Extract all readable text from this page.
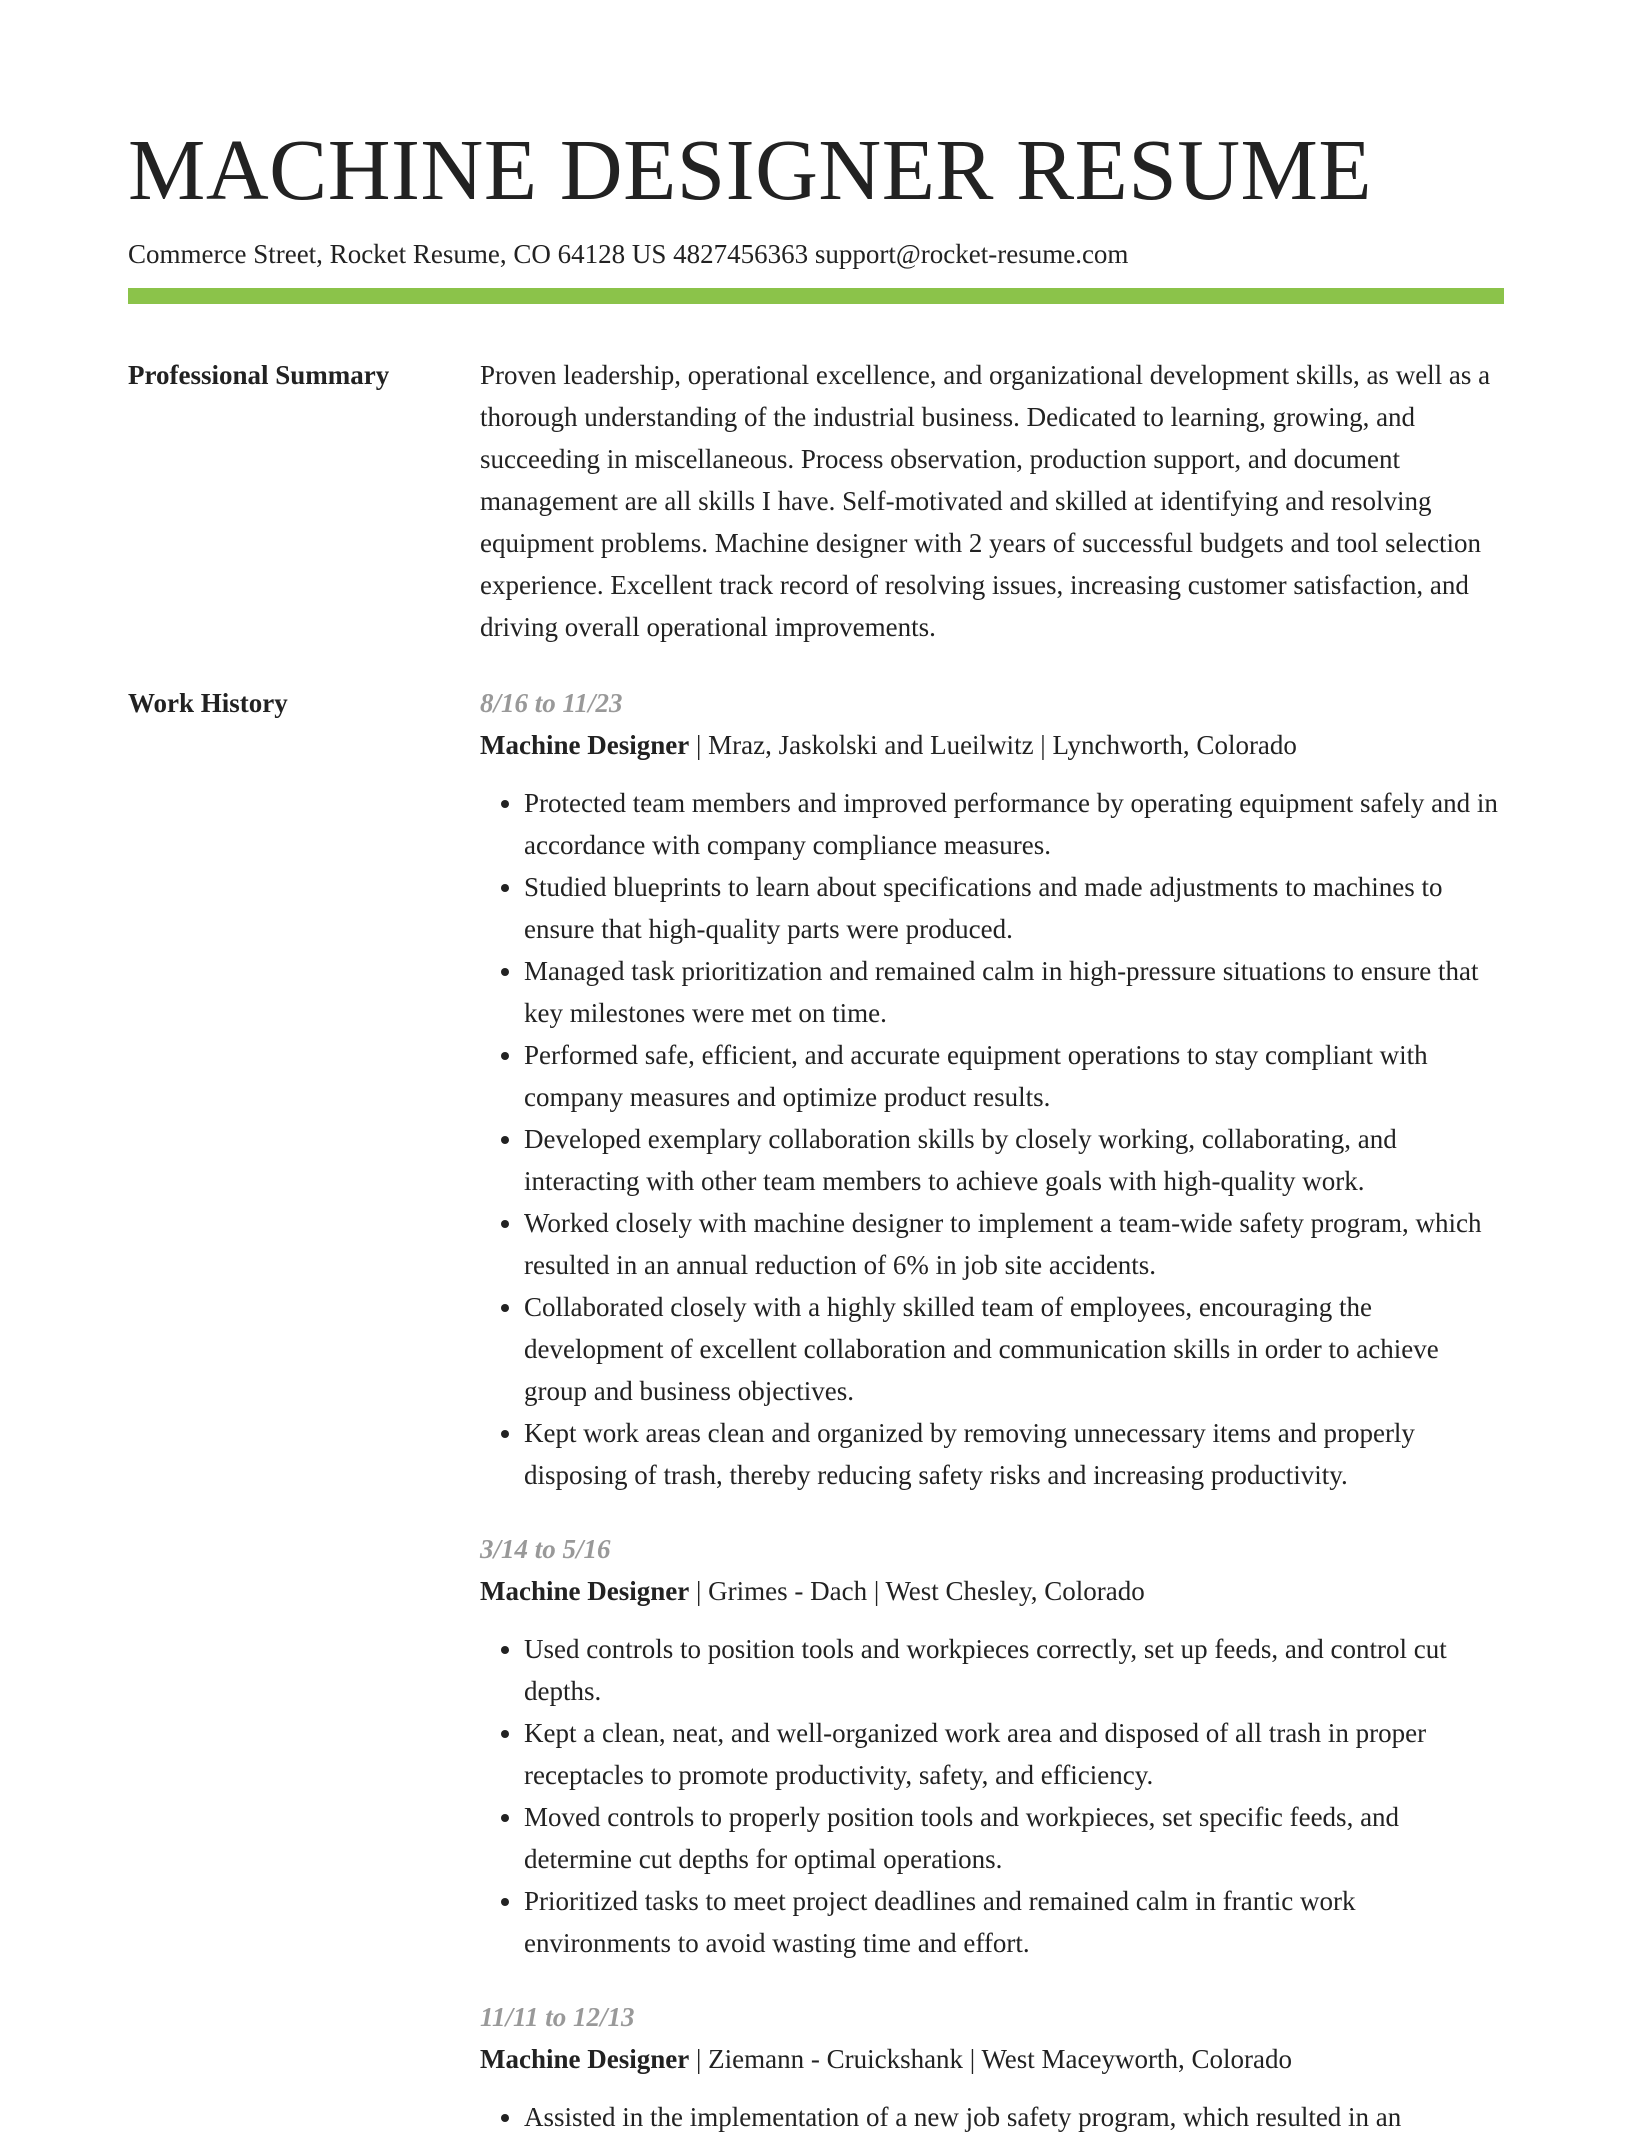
MACHINE DESIGNER RESUME
Commerce Street, Rocket Resume, CO 64128 US 4827456363 support@rocket-resume.com
Professional Summary	Proven leadership, operational excellence, and organizational development skills, as well as a thorough understanding of the industrial business. Dedicated to learning, growing, and succeeding in miscellaneous. Process observation, production support, and document management are all skills I have. Self-motivated and skilled at identifying and resolving equipment problems. Machine designer with 2 years of successful budgets and tool selection experience. Excellent track record of resolving issues, increasing customer satisfaction, and driving overall operational improvements.

Work History	8/16 to 11/23
Machine Designer | Mraz, Jaskolski and Lueilwitz | Lynchworth, Colorado
• Protected team members and improved performance by operating equipment safely and in accordance with company compliance measures.
• Studied blueprints to learn about specifications and made adjustments to machines to ensure that high-quality parts were produced.
• Managed task prioritization and remained calm in high-pressure situations to ensure that key milestones were met on time.
• Performed safe, efficient, and accurate equipment operations to stay compliant with company measures and optimize product results.
• Developed exemplary collaboration skills by closely working, collaborating, and interacting with other team members to achieve goals with high-quality work.
• Worked closely with machine designer to implement a team-wide safety program, which resulted in an annual reduction of 6% in job site accidents.
• Collaborated closely with a highly skilled team of employees, encouraging the development of excellent collaboration and communication skills in order to achieve group and business objectives.
• Kept work areas clean and organized by removing unnecessary items and properly disposing of trash, thereby reducing safety risks and increasing productivity.
3/14 to 5/16
Machine Designer | Grimes - Dach | West Chesley, Colorado
• Used controls to position tools and workpieces correctly, set up feeds, and control cut depths.
• Kept a clean, neat, and well-organized work area and disposed of all trash in proper receptacles to promote productivity, safety, and efficiency.
• Moved controls to properly position tools and workpieces, set specific feeds, and determine cut depths for optimal operations.
• Prioritized tasks to meet project deadlines and remained calm in frantic work environments to avoid wasting time and effort.
11/11 to 12/13
Machine Designer | Ziemann - Cruickshank | West Maceyworth, Colorado
• Assisted in the implementation of a new job safety program, which resulted in an
